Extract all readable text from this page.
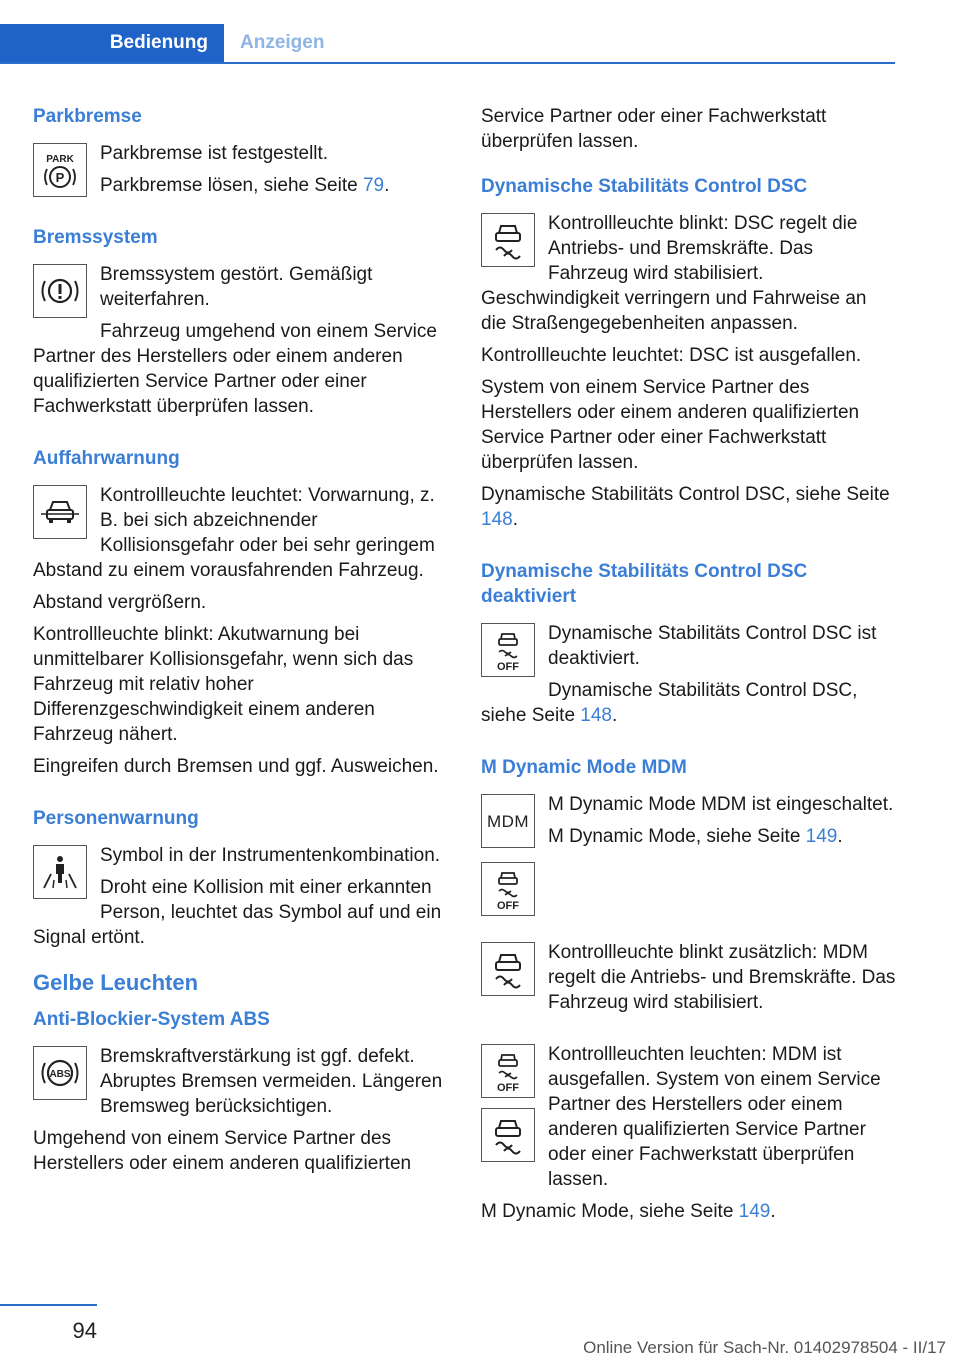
Bedienung	Anzeigen
Parkbremse
PARK
P

Parkbremse ist festgestellt.

Parkbremse lösen, siehe Seite 79.

Bremssystem

Bremssystem gestört. Gemäßigt weiterfahren.

Fahrzeug umgehend von einem Service Partner des Herstellers oder einem anderen qualifizierten Service Partner oder einer Fachwerkstatt überprüfen lassen.

Auffahrwarnung

Kontrollleuchte leuchtet: Vorwarnung, z. B. bei sich abzeichnender Kollisionsgefahr oder bei sehr geringem Abstand zu einem vorausfahrenden Fahrzeug.

Abstand vergrößern.

Kontrollleuchte blinkt: Akutwarnung bei unmittelbarer Kollisionsgefahr, wenn sich das Fahrzeug mit relativ hoher Differenzgeschwindigkeit einem anderen Fahrzeug nähert.

Eingreifen durch Bremsen und ggf. Ausweichen.

Personenwarnung

Symbol in der Instrumentenkombination.

Droht eine Kollision mit einer erkannten Person, leuchtet das Symbol auf und ein Signal ertönt.

Gelbe Leuchten
Anti-Blockier-System ABS
ABS

Bremskraftverstärkung ist ggf. defekt. Abruptes Bremsen vermeiden. Längeren Bremsweg berücksichtigen.

Umgehend von einem Service Partner des Herstellers oder einem anderen qualifizierten

Service Partner oder einer Fachwerkstatt überprüfen lassen.

Dynamische Stabilitäts Control DSC

Kontrollleuchte blinkt: DSC regelt die Antriebs- und Bremskräfte. Das Fahrzeug wird stabilisiert. Geschwindigkeit verringern und Fahrweise an die Straßengegebenheiten anpassen.

Kontrollleuchte leuchtet: DSC ist ausgefallen.

System von einem Service Partner des Herstellers oder einem anderen qualifizierten Service Partner oder einer Fachwerkstatt überprüfen lassen.

Dynamische Stabilitäts Control DSC, siehe Seite 148.

Dynamische Stabilitäts Control DSC deaktiviert
OFF

Dynamische Stabilitäts Control DSC ist deaktiviert.

Dynamische Stabilitäts Control DSC, siehe Seite 148.

M Dynamic Mode MDM
MDM
OFF

M Dynamic Mode MDM ist eingeschaltet.

M Dynamic Mode, siehe Seite 149.

Kontrollleuchte blinkt zusätzlich: MDM regelt die Antriebs- und Bremskräfte. Das Fahrzeug wird stabilisiert.

OFF

Kontrollleuchten leuchten: MDM ist ausgefallen. System von einem Service Partner des Herstellers oder einem anderen qualifizierten Service Partner oder einer Fachwerkstatt überprüfen lassen.

M Dynamic Mode, siehe Seite 149.

94
Online Version für Sach-Nr. 01402978504 - II/17
